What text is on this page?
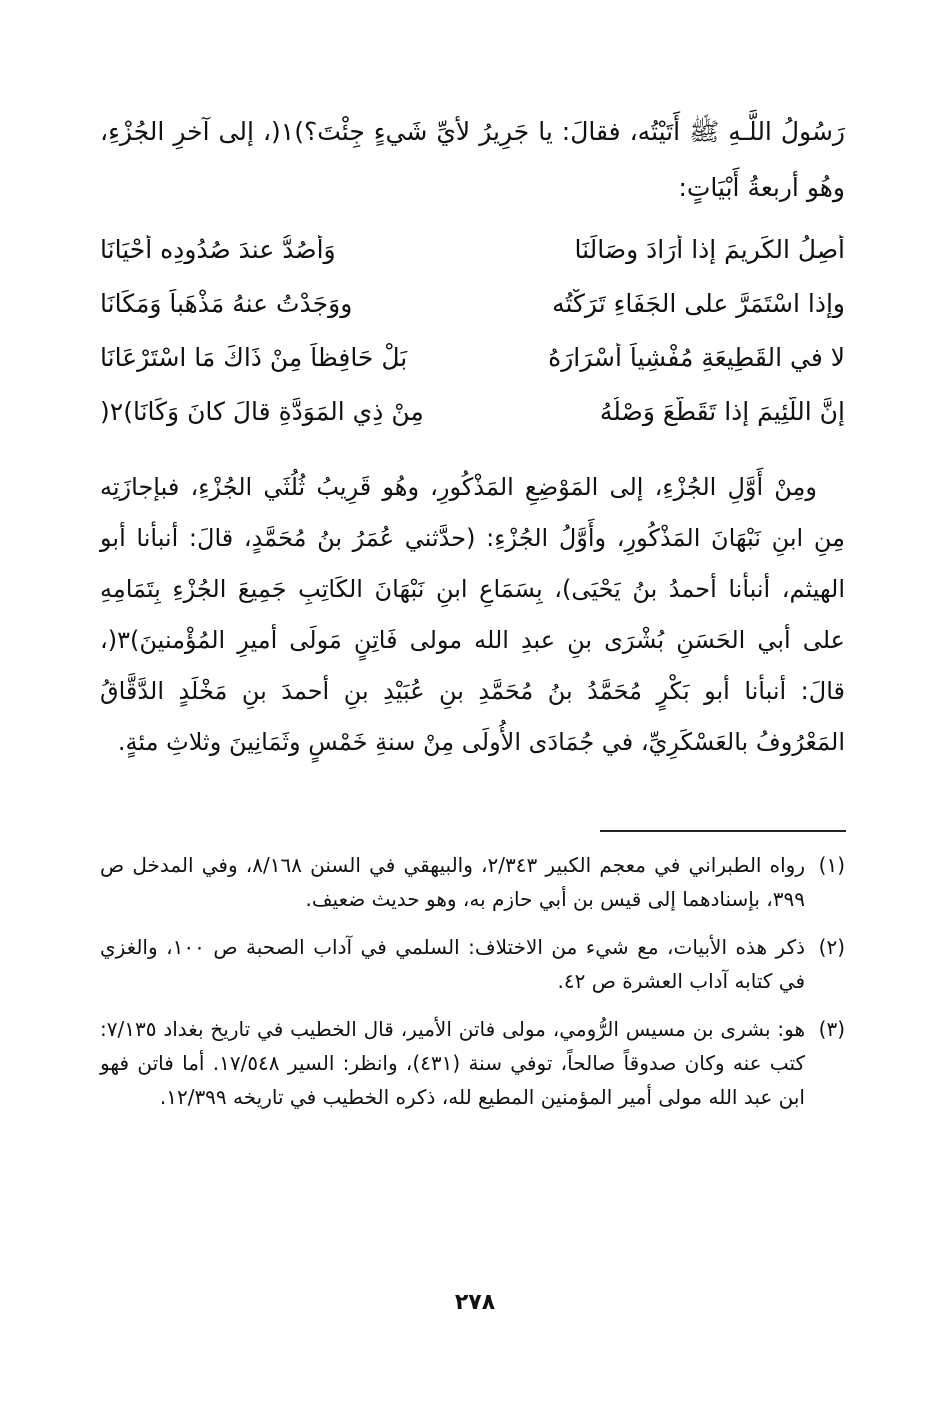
رَسُولُ اللَّـهِ ﷺ أَتَيْتُه، فقالَ: يا جَرِيرُ لأيِّ شَيءٍ جِئْتَ؟)١(، إلى آخرِ الجُزْءِ، وهُو أربعةُ أَبْيَاتٍ:
أَصِلُ الكَريمَ إذا أَرَادَ وِصَالَنَا
وَأَصُدُّ عندَ صُدُودِه أَحْيَانَا
وإذا اسْتَمَرَّ على الجَفَاءِ تَرَكْتُه
ووَجَدْتُ عنهُ مَذْهَباً وَمَكَانَا
لا في القَطِيعَةِ مُفْشِياً أَسْرَارَهُ
بَلْ حَافِظاً مِنْ ذَاكَ مَا اسْتَرْعَانَا
إنَّ اللَّئِيمَ إذا تَقَطَّعَ وَصْلُهُ
مِنْ ذِي المَوَدَّةِ قالَ كانَ وَكَانَا)٢(
ومِنْ أَوَّلِ الجُزْءِ، إلى المَوْضِعِ المَذْكُورِ، وهُو قَرِيبُ ثُلُثَي الجُزْءِ، فبإجازَتِه مِنِ ابنِ نَبْهَانَ المَذْكُورِ، وأَوَّلُ الجُزْءِ: (حدَّثني عُمَرُ بنُ مُحَمَّدٍ، قالَ: أنبأنا أبو الهيثم، أنبأنا أحمدُ بنُ يَحْيَى)، بِسَمَاعِ ابنِ نَبْهَانَ الكَاتِبِ جَمِيعَ الجُزْءِ بِتَمَامِهِ على أبي الحَسَنِ بُشْرَى بنِ عبدِ الله مولى فَاتِنٍ مَولَى أميرِ المُؤْمنينَ)٣(، قالَ: أنبأنا أبو بَكْرٍ مُحَمَّدُ بنُ مُحَمَّدِ بنِ عُبَيْدِ بنِ أحمدَ بنِ مَخْلَدٍ الدَّقَّاقُ المَعْرُوفُ بالعَسْكَرِيِّ، في جُمَادَى الأُولَى مِنْ سنةِ خَمْسٍ وثَمَانِينَ وثلاثِ مئةٍ.
(١)
رواه الطبراني في معجم الكبير ٢/٣٤٣، والبيهقي في السنن ٨/١٦٨، وفي المدخل ص ٣٩٩، بإسنادهما إلى قيس بن أبي حازم به، وهو حديث ضعيف.
(٢)
ذكر هذه الأبيات، مع شيء من الاختلاف: السلمي في آداب الصحبة ص ١٠٠، والغزي في كتابه آداب العشرة ص ٤٢.
(٣)
هو: بشرى بن مسيس الرُّومي، مولى فاتن الأمير، قال الخطيب في تاريخ بغداد ٧/١٣٥: كتب عنه وكان صدوقاً صالحاً، توفي سنة (٤٣١)، وانظر: السير ١٧/٥٤٨. أما فاتن فهو ابن عبد الله مولى أمير المؤمنين المطيع لله، ذكره الخطيب في تاريخه ١٢/٣٩٩.
٢٧٨
